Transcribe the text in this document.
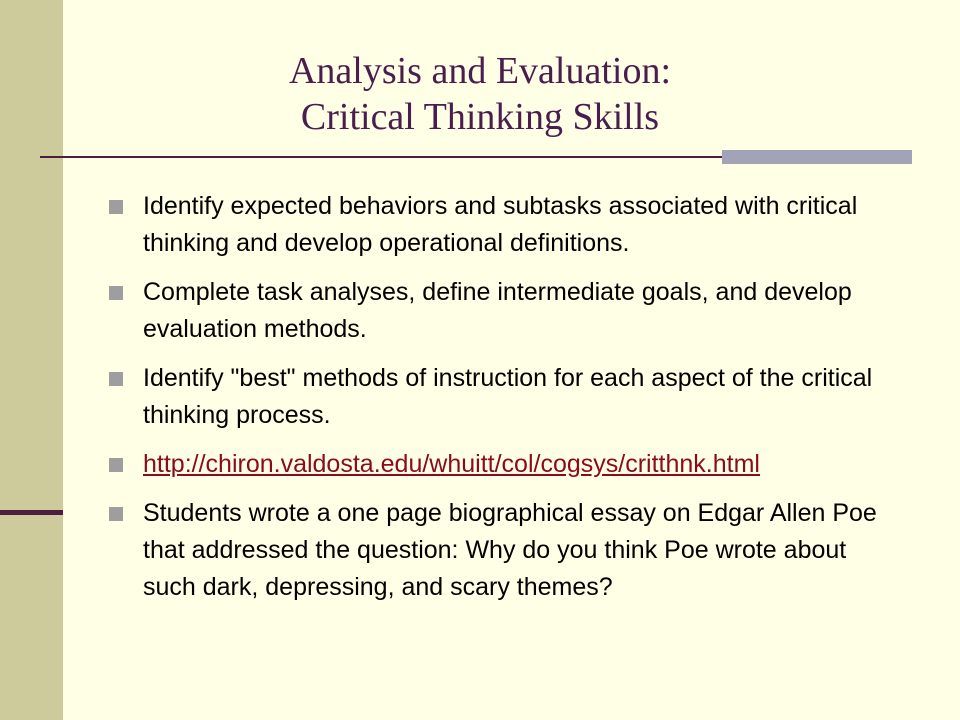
Analysis and Evaluation:
Critical Thinking Skills
Identify expected behaviors and subtasks associated with critical thinking and develop operational definitions.
Complete task analyses, define intermediate goals, and develop evaluation methods.
Identify "best" methods of instruction for each aspect of the critical thinking process.
http://chiron.valdosta.edu/whuitt/col/cogsys/critthnk.html
Students wrote a one page biographical essay on Edgar Allen Poe that addressed the question: Why do you think Poe wrote about such dark, depressing, and scary themes?
